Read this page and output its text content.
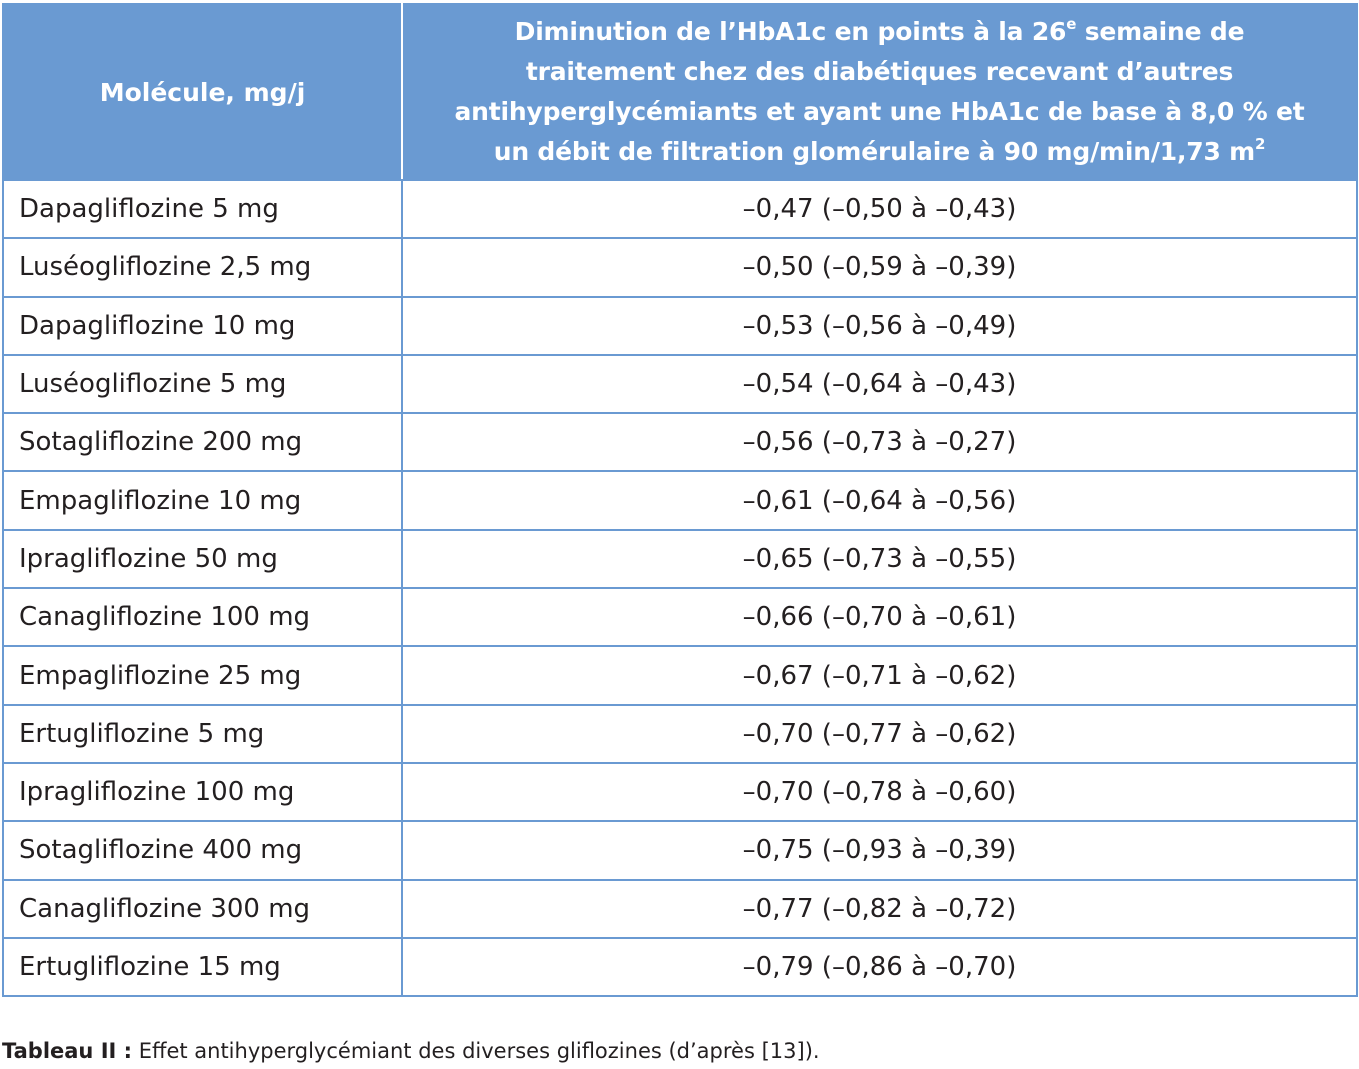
Molécule, mg/j	Diminution de l’HbA1c en points à la 26e semaine de
traitement chez des diabétiques recevant d’autres
antihyperglycémiants et ayant une HbA1c de base à 8,0 % et
un débit de filtration glomérulaire à 90 mg/min/1,73 $m^2$
Dapagliflozine 5 mg	–0,47 (–0,50 à –0,43)
Luséogliflozine 2,5 mg	–0,50 (–0,59 à –0,39)
Dapagliflozine 10 mg	–0,53 (–0,56 à –0,49)
Luséogliflozine 5 mg	–0,54 (–0,64 à –0,43)
Sotagliflozine 200 mg	–0,56 (–0,73 à –0,27)
Empagliflozine 10 mg	–0,61 (–0,64 à –0,56)
Ipragliflozine 50 mg	–0,65 (–0,73 à –0,55)
Canagliflozine 100 mg	–0,66 (–0,70 à –0,61)
Empagliflozine 25 mg	–0,67 (–0,71 à –0,62)
Ertugliflozine 5 mg	–0,70 (–0,77 à –0,62)
Ipragliflozine 100 mg	–0,70 (–0,78 à –0,60)
Sotagliflozine 400 mg	–0,75 (–0,93 à –0,39)
Canagliflozine 300 mg	–0,77 (–0,82 à –0,72)
Ertugliflozine 15 mg	–0,79 (–0,86 à –0,70)
Tableau II : Effet antihyperglycémiant des diverses gliflozines (d’après [13]).
